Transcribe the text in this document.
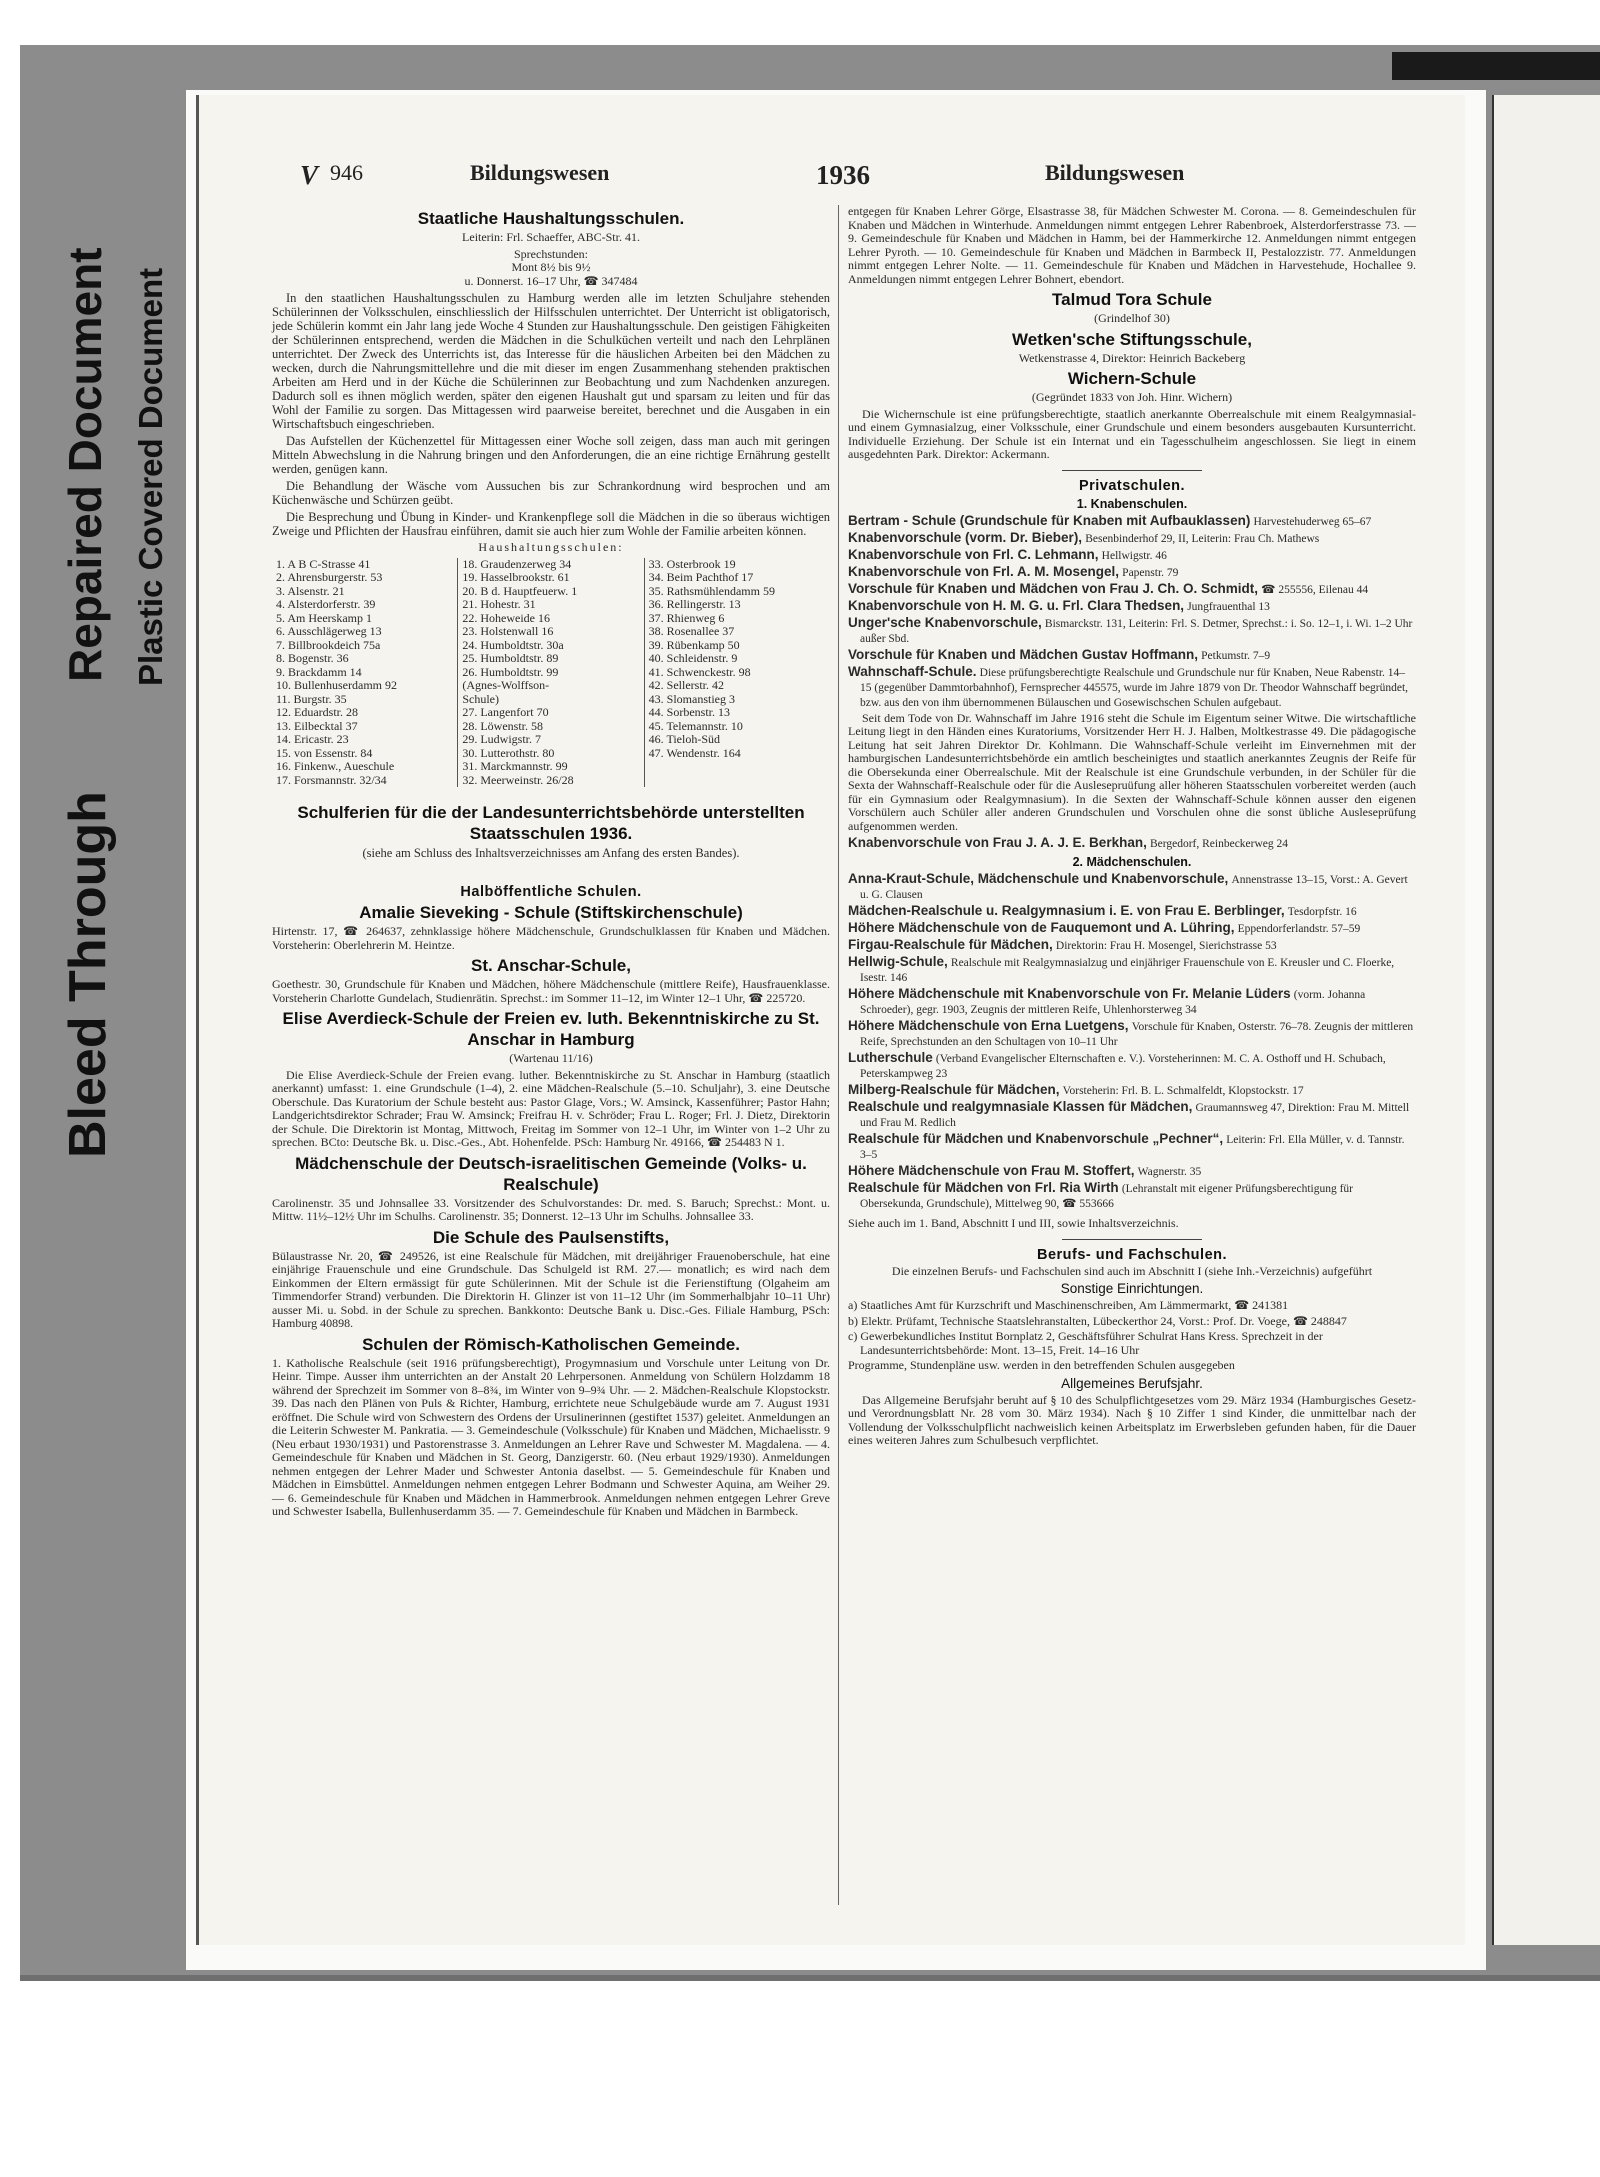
Bleed Through
Repaired Document Plastic Covered Document
V 946	Bildungswesen	1936	Bildungswesen
Staatliche Haushaltungsschulen.

Leiterin: Frl. Schaeffer, ABC-Str. 41.

Sprechstunden:

Mont 8½ bis 9½

u. Donnerst. 16–17 Uhr, ☎ 347484

In den staatlichen Haushaltungsschulen zu Hamburg werden alle im letzten Schuljahre stehenden Schülerinnen der Volksschulen, einschliesslich der Hilfsschulen unterrichtet. Der Unterricht ist obligatorisch, jede Schülerin kommt ein Jahr lang jede Woche 4 Stunden zur Haushaltungsschule. Den geistigen Fähigkeiten der Schülerinnen entsprechend, werden die Mädchen in die Schulküchen verteilt und nach den Lehrplänen unterrichtet. Der Zweck des Unterrichts ist, das Interesse für die häuslichen Arbeiten bei den Mädchen zu wecken, durch die Nahrungsmittellehre und die mit dieser im engen Zusammenhang stehenden praktischen Arbeiten am Herd und in der Küche die Schülerinnen zur Beobachtung und zum Nachdenken anzuregen. Dadurch soll es ihnen möglich werden, später den eigenen Haushalt gut und sparsam zu leiten und für das Wohl der Familie zu sorgen. Das Mittagessen wird paarweise bereitet, berechnet und die Ausgaben in ein Wirtschaftsbuch eingeschrieben.

Das Aufstellen der Küchenzettel für Mittagessen einer Woche soll zeigen, dass man auch mit geringen Mitteln Abwechslung in die Nahrung bringen und den Anforderungen, die an eine richtige Ernährung gestellt werden, genügen kann.

Die Behandlung der Wäsche vom Aussuchen bis zur Schrankordnung wird besprochen und am Küchenwäsche und Schürzen geübt.

Die Besprechung und Übung in Kinder- und Krankenpflege soll die Mädchen in die so überaus wichtigen Zweige und Pflichten der Hausfrau einführen, damit sie auch hier zum Wohle der Familie arbeiten können.

Haushaltungsschulen:

1. A B C-Strasse 41
2. Ahrensburgerstr. 53
3. Alsenstr. 21
4. Alsterdorferstr. 39
5. Am Heerskamp 1
6. Ausschlägerweg 13
7. Billbrookdeich 75a
8. Bogenstr. 36
9. Brackdamm 14
10. Bullenhuserdamm 92
11. Burgstr. 35
12. Eduardstr. 28
13. Eilbecktal 37
14. Ericastr. 23
15. von Essenstr. 84
16. Finkenw., Aueschule
17. Forsmannstr. 32/34
18. Graudenzerweg 34
19. Hasselbrookstr. 61
20. B d. Hauptfeuerw. 1
21. Hohestr. 31
22. Hoheweide 16
23. Holstenwall 16
24. Humboldtstr. 30a
25. Humboldtstr. 89
26. Humboldtstr. 99
(Agnes-Wolffson-
Schule)
27. Langenfort 70
28. Löwenstr. 58
29. Ludwigstr. 7
30. Lutterothstr. 80
31. Marckmannstr. 99
32. Meerweinstr. 26/28
33. Osterbrook 19
34. Beim Pachthof 17
35. Rathsmühlendamm 59
36. Rellingerstr. 13
37. Rhienweg 6
38. Rosenallee 37
39. Rübenkamp 50
40. Schleidenstr. 9
41. Schwenckestr. 98
42. Sellerstr. 42
43. Slomanstieg 3
44. Sorbenstr. 13
45. Telemannstr. 10
46. Tieloh-Süd
47. Wendenstr. 164
Schulferien für die der Landesunterrichtsbehörde unterstellten Staatsschulen 1936.

(siehe am Schluss des Inhaltsverzeichnisses am Anfang des ersten Bandes).

Halböffentliche Schulen.
Amalie Sieveking - Schule (Stiftskirchenschule)

Hirtenstr. 17, ☎ 264637, zehnklassige höhere Mädchenschule, Grundschulklassen für Knaben und Mädchen. Vorsteherin: Oberlehrerin M. Heintze.

St. Anschar-Schule,

Goethestr. 30, Grundschule für Knaben und Mädchen, höhere Mädchenschule (mittlere Reife), Hausfrauenklasse. Vorsteherin Charlotte Gundelach, Studienrätin. Sprechst.: im Sommer 11–12, im Winter 12–1 Uhr, ☎ 225720.

Elise Averdieck-Schule der Freien ev. luth. Bekenntniskirche zu St. Anschar in Hamburg

(Wartenau 11/16)

Die Elise Averdieck-Schule der Freien evang. luther. Bekenntniskirche zu St. Anschar in Hamburg (staatlich anerkannt) umfasst: 1. eine Grundschule (1–4), 2. eine Mädchen-Realschule (5.–10. Schuljahr), 3. eine Deutsche Oberschule. Das Kuratorium der Schule besteht aus: Pastor Glage, Vors.; W. Amsinck, Kassenführer; Pastor Hahn; Landgerichtsdirektor Schrader; Frau W. Amsinck; Freifrau H. v. Schröder; Frau L. Roger; Frl. J. Dietz, Direktorin der Schule. Die Direktorin ist Montag, Mittwoch, Freitag im Sommer von 12–1 Uhr, im Winter von 1–2 Uhr zu sprechen. BCto: Deutsche Bk. u. Disc.-Ges., Abt. Hohenfelde. PSch: Hamburg Nr. 49166, ☎ 254483 N 1.

Mädchenschule der Deutsch-israelitischen Gemeinde (Volks- u. Realschule)

Carolinenstr. 35 und Johnsallee 33. Vorsitzender des Schulvorstandes: Dr. med. S. Baruch; Sprechst.: Mont. u. Mittw. 11½–12½ Uhr im Schulhs. Carolinenstr. 35; Donnerst. 12–13 Uhr im Schulhs. Johnsallee 33.

Die Schule des Paulsenstifts,

Bülaustrasse Nr. 20, ☎ 249526, ist eine Realschule für Mädchen, mit dreijähriger Frauenoberschule, hat eine einjährige Frauenschule und eine Grundschule. Das Schulgeld ist RM. 27.— monatlich; es wird nach dem Einkommen der Eltern ermässigt für gute Schülerinnen. Mit der Schule ist die Ferienstiftung (Olgaheim am Timmendorfer Strand) verbunden. Die Direktorin H. Glinzer ist von 11–12 Uhr (im Sommerhalbjahr 10–11 Uhr) ausser Mi. u. Sobd. in der Schule zu sprechen. Bankkonto: Deutsche Bank u. Disc.-Ges. Filiale Hamburg, PSch: Hamburg 40898.

Schulen der Römisch-Katholischen Gemeinde.

1. Katholische Realschule (seit 1916 prüfungsberechtigt), Progymnasium und Vorschule unter Leitung von Dr. Heinr. Timpe. Ausser ihm unterrichten an der Anstalt 20 Lehrpersonen. Anmeldung von Schülern Holzdamm 18 während der Sprechzeit im Sommer von 8–8¾, im Winter von 9–9¾ Uhr. — 2. Mädchen-Realschule Klopstockstr. 39. Das nach den Plänen von Puls & Richter, Hamburg, errichtete neue Schulgebäude wurde am 7. August 1931 eröffnet. Die Schule wird von Schwestern des Ordens der Ursulinerinnen (gestiftet 1537) geleitet. Anmeldungen an die Leiterin Schwester M. Pankratia. — 3. Gemeindeschule (Volksschule) für Knaben und Mädchen, Michaelisstr. 9 (Neu erbaut 1930/1931) und Pastorenstrasse 3. Anmeldungen an Lehrer Rave und Schwester M. Magdalena. — 4. Gemeindeschule für Knaben und Mädchen in St. Georg, Danzigerstr. 60. (Neu erbaut 1929/1930). Anmeldungen nehmen entgegen der Lehrer Mader und Schwester Antonia daselbst. — 5. Gemeindeschule für Knaben und Mädchen in Eimsbüttel. Anmeldungen nehmen entgegen Lehrer Bodmann und Schwester Aquina, am Weiher 29. — 6. Gemeindeschule für Knaben und Mädchen in Hammerbrook. Anmeldungen nehmen entgegen Lehrer Greve und Schwester Isabella, Bullenhuserdamm 35. — 7. Gemeindeschule für Knaben und Mädchen in Barmbeck.

entgegen für Knaben Lehrer Görge, Elsastrasse 38, für Mädchen Schwester M. Corona. — 8. Gemeindeschulen für Knaben und Mädchen in Winterhude. Anmeldungen nimmt entgegen Lehrer Rabenbroek, Alsterdorferstrasse 73. — 9. Gemeindeschule für Knaben und Mädchen in Hamm, bei der Hammerkirche 12. Anmeldungen nimmt entgegen Lehrer Pyroth. — 10. Gemeindeschule für Knaben und Mädchen in Barmbeck II, Pestalozzistr. 77. Anmeldungen nimmt entgegen Lehrer Nolte. — 11. Gemeindeschule für Knaben und Mädchen in Harvestehude, Hochallee 9. Anmeldungen nimmt entgegen Lehrer Bohnert, ebendort.

Talmud Tora Schule

(Grindelhof 30)

Wetken'sche Stiftungsschule,

Wetkenstrasse 4, Direktor: Heinrich Backeberg

Wichern-Schule

(Gegründet 1833 von Joh. Hinr. Wichern)

Die Wichernschule ist eine prüfungsberechtigte, staatlich anerkannte Oberrealschule mit einem Realgymnasial- und einem Gymnasialzug, einer Volksschule, einer Grundschule und einem besonders ausgebauten Kursunterricht. Individuelle Erziehung. Der Schule ist ein Internat und ein Tagesschulheim angeschlossen. Sie liegt in einem ausgedehnten Park. Direktor: Ackermann.

Privatschulen.
1. Knabenschulen.
Bertram - Schule (Grundschule für Knaben mit Aufbauklassen) Harvestehuderweg 65–67
Knabenvorschule (vorm. Dr. Bieber), Besenbinderhof 29, II, Leiterin: Frau Ch. Mathews
Knabenvorschule von Frl. C. Lehmann, Hellwigstr. 46
Knabenvorschule von Frl. A. M. Mosengel, Papenstr. 79
Vorschule für Knaben und Mädchen von Frau J. Ch. O. Schmidt, ☎ 255556, Eilenau 44
Knabenvorschule von H. M. G. u. Frl. Clara Thedsen, Jungfrauenthal 13
Unger'sche Knabenvorschule, Bismarckstr. 131, Leiterin: Frl. S. Detmer, Sprechst.: i. So. 12–1, i. Wi. 1–2 Uhr außer Sbd.
Vorschule für Knaben und Mädchen Gustav Hoffmann, Petkumstr. 7–9
Wahnschaff-Schule. Diese prüfungsberechtigte Realschule und Grundschule nur für Knaben, Neue Rabenstr. 14–15 (gegenüber Dammtorbahnhof), Fernsprecher 445575, wurde im Jahre 1879 von Dr. Theodor Wahnschaff begründet, bzw. aus den von ihm übernommenen Bülauschen und Gosewischschen Schulen aufgebaut.

Seit dem Tode von Dr. Wahnschaff im Jahre 1916 steht die Schule im Eigentum seiner Witwe. Die wirtschaftliche Leitung liegt in den Händen eines Kuratoriums, Vorsitzender Herr H. J. Halben, Moltkestrasse 49. Die pädagogische Leitung hat seit Jahren Direktor Dr. Kohlmann. Die Wahnschaff-Schule verleiht im Einvernehmen mit der hamburgischen Landesunterrichtsbehörde ein amtlich bescheinigtes und staatlich anerkanntes Zeugnis der Reife für die Obersekunda einer Oberrealschule. Mit der Realschule ist eine Grundschule verbunden, in der Schüler für die Sexta der Wahnschaff-Realschule oder für die Auslesepruüfung aller höheren Staatsschulen vorbereitet werden (auch für ein Gymnasium oder Realgymnasium). In die Sexten der Wahnschaff-Schule können ausser den eigenen Vorschülern auch Schüler aller anderen Grundschulen und Vorschulen ohne die sonst übliche Ausleseprüfung aufgenommen werden.

Knabenvorschule von Frau J. A. J. E. Berkhan, Bergedorf, Reinbeckerweg 24
2. Mädchenschulen.
Anna-Kraut-Schule, Mädchenschule und Knabenvorschule, Annenstrasse 13–15, Vorst.: A. Gevert u. G. Clausen
Mädchen-Realschule u. Realgymnasium i. E. von Frau E. Berblinger, Tesdorpfstr. 16
Höhere Mädchenschule von de Fauquemont und A. Lühring, Eppendorferlandstr. 57–59
Firgau-Realschule für Mädchen, Direktorin: Frau H. Mosengel, Sierichstrasse 53
Hellwig-Schule, Realschule mit Realgymnasialzug und einjähriger Frauenschule von E. Kreusler und C. Floerke, Isestr. 146
Höhere Mädchenschule mit Knabenvorschule von Fr. Melanie Lüders (vorm. Johanna Schroeder), gegr. 1903, Zeugnis der mittleren Reife, Uhlenhorsterweg 34
Höhere Mädchenschule von Erna Luetgens, Vorschule für Knaben, Osterstr. 76–78. Zeugnis der mittleren Reife, Sprechstunden an den Schultagen von 10–11 Uhr
Lutherschule (Verband Evangelischer Elternschaften e. V.). Vorsteherinnen: M. C. A. Osthoff und H. Schubach, Peterskampweg 23
Milberg-Realschule für Mädchen, Vorsteherin: Frl. B. L. Schmalfeldt, Klopstockstr. 17
Realschule und realgymnasiale Klassen für Mädchen, Graumannsweg 47, Direktion: Frau M. Mittell und Frau M. Redlich
Realschule für Mädchen und Knabenvorschule „Pechner“, Leiterin: Frl. Ella Müller, v. d. Tannstr. 3–5
Höhere Mädchenschule von Frau M. Stoffert, Wagnerstr. 35
Realschule für Mädchen von Frl. Ria Wirth (Lehranstalt mit eigener Prüfungsberechtigung für Obersekunda, Grundschule), Mittelweg 90, ☎ 553666

Siehe auch im 1. Band, Abschnitt I und III, sowie Inhaltsverzeichnis.

Berufs- und Fachschulen.

Die einzelnen Berufs- und Fachschulen sind auch im Abschnitt I (siehe Inh.-Verzeichnis) aufgeführt

Sonstige Einrichtungen.
a) Staatliches Amt für Kurzschrift und Maschinenschreiben, Am Lämmermarkt, ☎ 241381
b) Elektr. Prüfamt, Technische Staatslehranstalten, Lübeckerthor 24, Vorst.: Prof. Dr. Voege, ☎ 248847
c) Gewerbekundliches Institut Bornplatz 2, Geschäftsführer Schulrat Hans Kress. Sprechzeit in der Landesunterrichtsbehörde: Mont. 13–15, Freit. 14–16 Uhr

Programme, Stundenpläne usw. werden in den betreffenden Schulen ausgegeben

Allgemeines Berufsjahr.

Das Allgemeine Berufsjahr beruht auf § 10 des Schulpflichtgesetzes vom 29. März 1934 (Hamburgisches Gesetz- und Verordnungsblatt Nr. 28 vom 30. März 1934). Nach § 10 Ziffer 1 sind Kinder, die unmittelbar nach der Vollendung der Volksschulpflicht nachweislich keinen Arbeitsplatz im Erwerbsleben gefunden haben, für die Dauer eines weiteren Jahres zum Schulbesuch verpflichtet.
